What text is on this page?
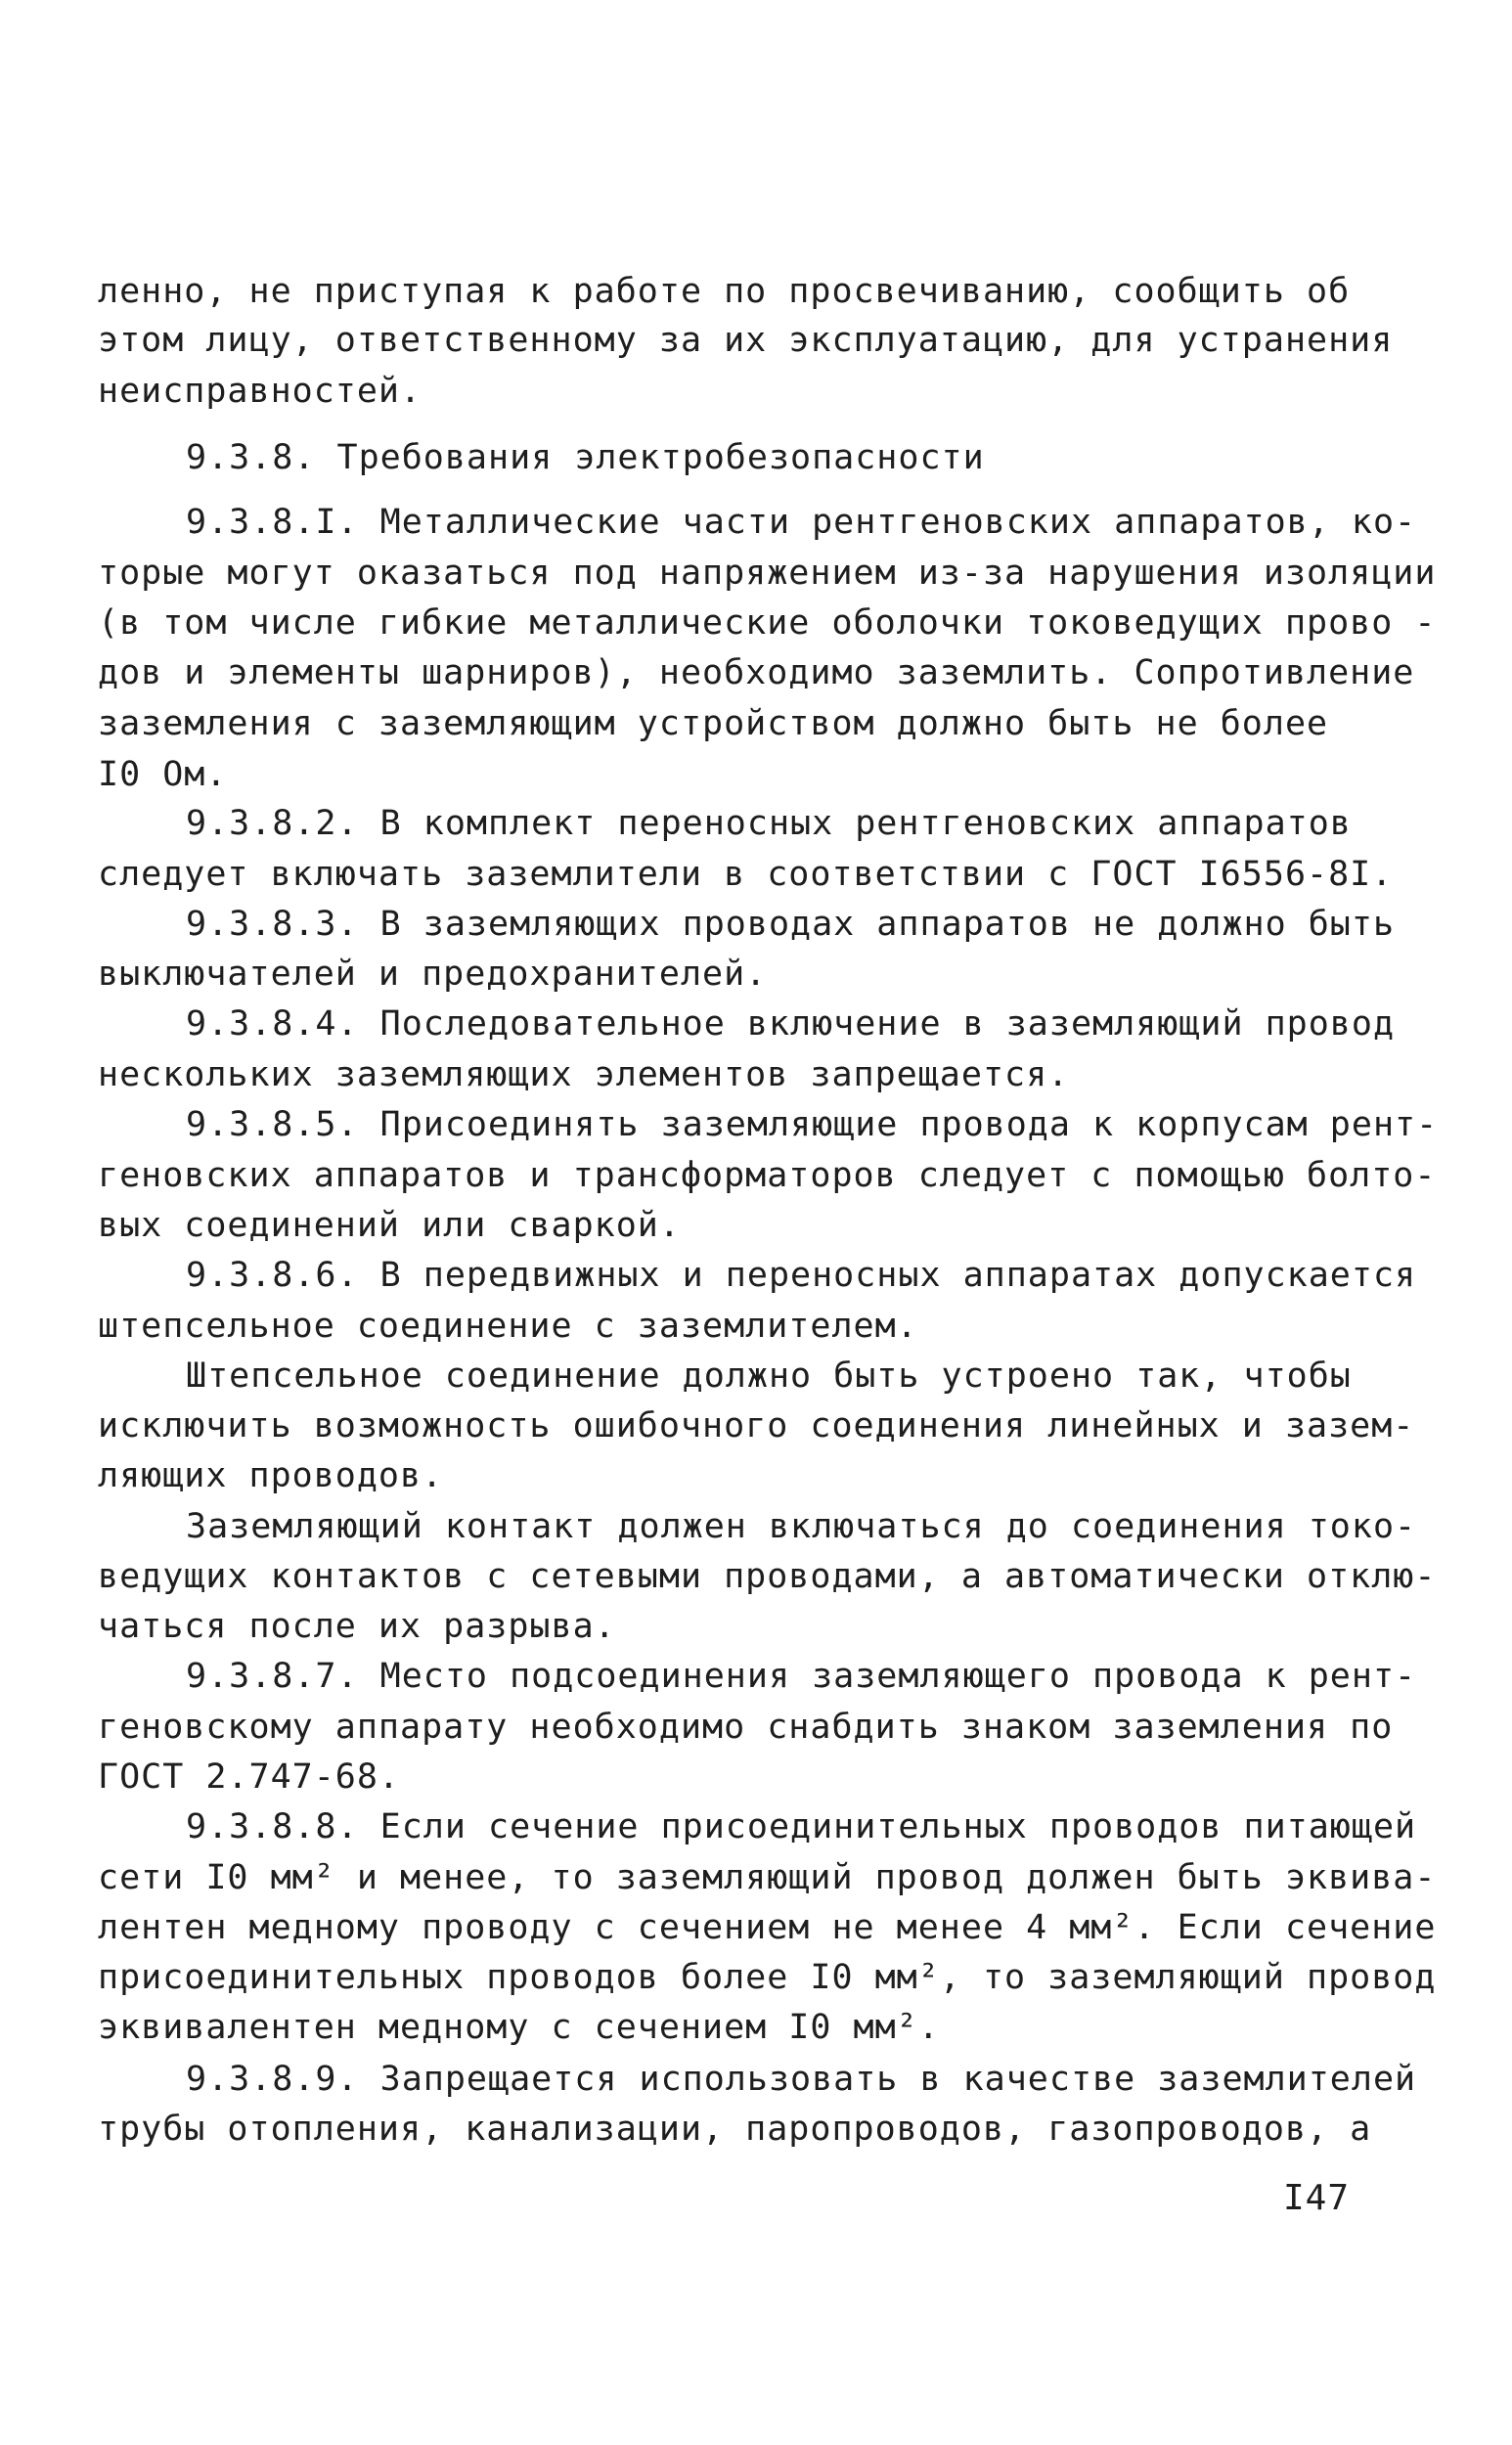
ленно, не приступая к работе по просвечиванию, сообщить об
этом лицу, ответственному за их эксплуатацию, для устранения
неисправностей.
9.3.8. Требования электробезопасности
9.3.8.I. Металлические части рентгеновских аппаратов, ко-
торые могут оказаться под напряжением из-за нарушения изоляции
(в том числе гибкие металлические оболочки токоведущих прово -
дов и элементы шарниров), необходимо заземлить. Сопротивление
заземления с заземляющим устройством должно быть не более
I0 Ом.
9.3.8.2. В комплект переносных рентгеновских аппаратов
следует включать заземлители в соответствии с ГОСТ I6556-8I.
9.3.8.3. В заземляющих проводах аппаратов не должно быть
выключателей и предохранителей.
9.3.8.4. Последовательное включение в заземляющий провод
нескольких заземляющих элементов запрещается.
9.3.8.5. Присоединять заземляющие провода к корпусам рент-
геновских аппаратов и трансформаторов следует с помощью болто-
вых соединений или сваркой.
9.3.8.6. В передвижных и переносных аппаратах допускается
штепсельное соединение с заземлителем.
Штепсельное соединение должно быть устроено так, чтобы
исключить возможность ошибочного соединения линейных и зазем-
ляющих проводов.
Заземляющий контакт должен включаться до соединения токо-
ведущих контактов с сетевыми проводами, а автоматически отклю-
чаться после их разрыва.
9.3.8.7. Место подсоединения заземляющего провода к рент-
геновскому аппарату необходимо снабдить знаком заземления по
ГОСТ 2.747-68.
9.3.8.8. Если сечение присоединительных проводов питающей
сети I0 мм² и менее, то заземляющий провод должен быть эквива-
лентен медному проводу с сечением не менее 4 мм². Если сечение
присоединительных проводов более I0 мм², то заземляющий провод
эквивалентен медному с сечением I0 мм².
9.3.8.9. Запрещается использовать в качестве заземлителей
трубы отопления, канализации, паропроводов, газопроводов, а
I47
